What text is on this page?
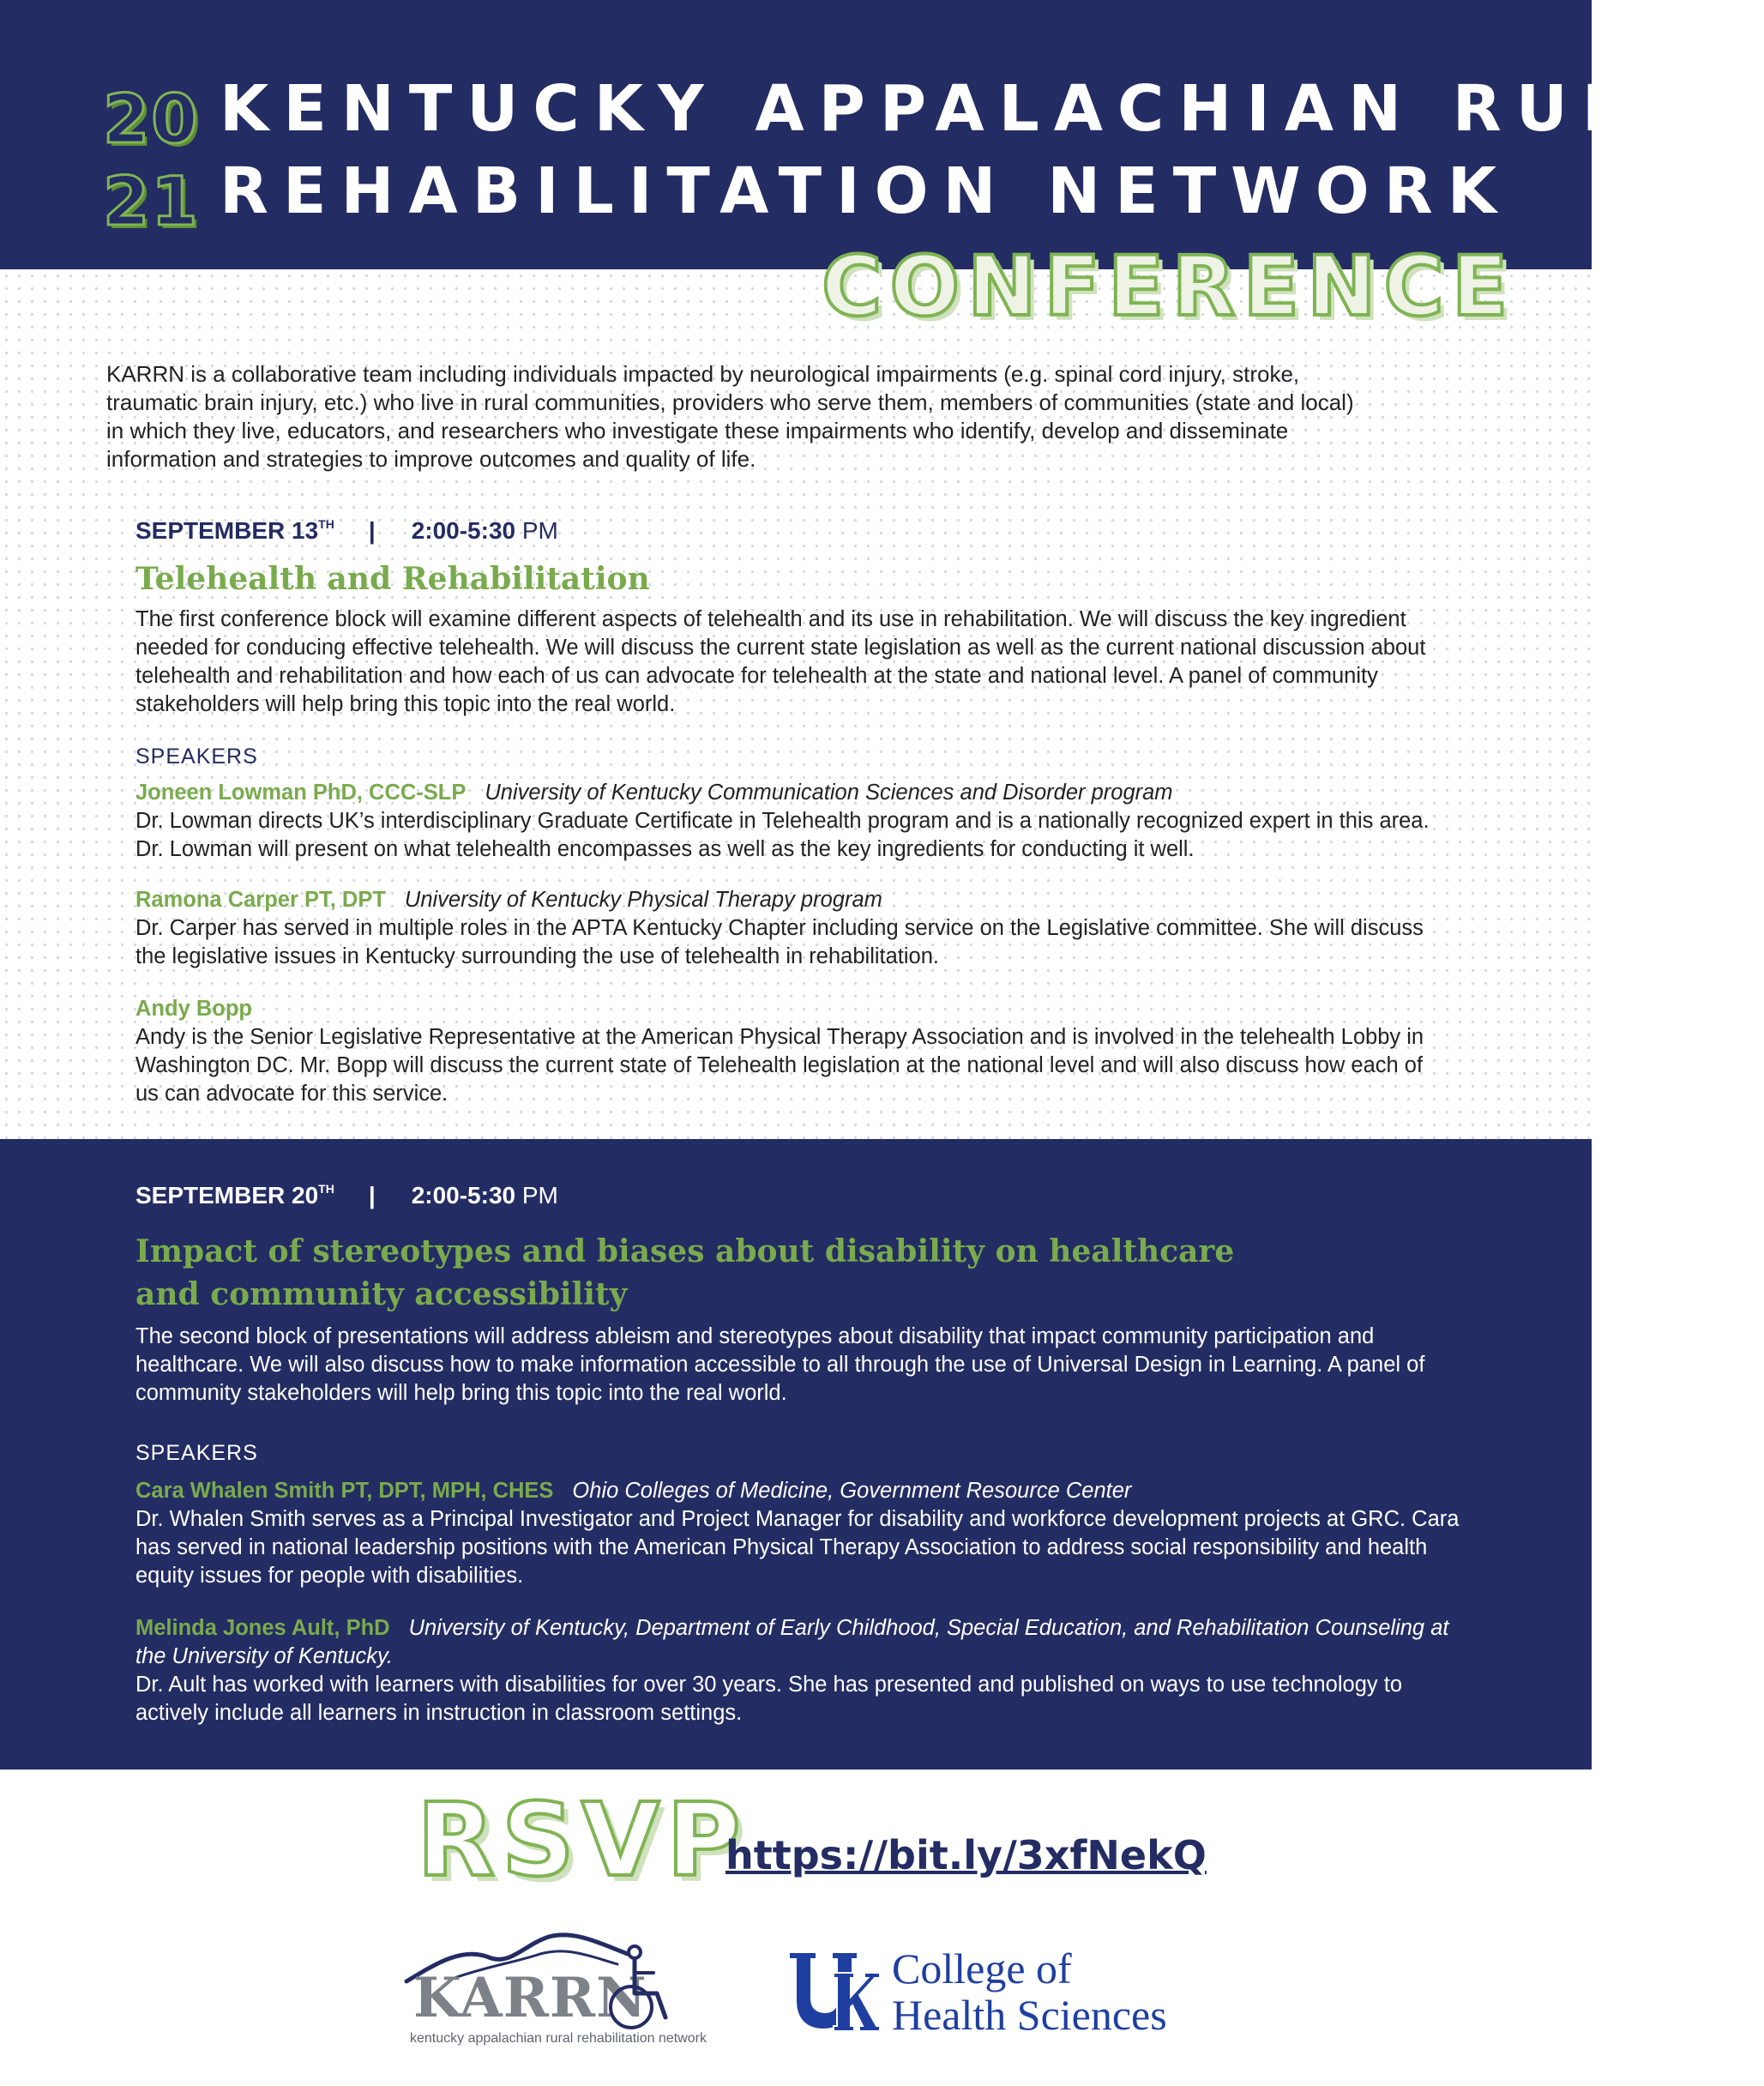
20
21
KENTUCKY APPALACHIAN RURAL
REHABILITATION NETWORK
CONFERENCE

KARRN is a collaborative team including individuals impacted by neurological impairments (e.g. spinal cord injury, stroke, traumatic brain injury, etc.) who live in rural communities, providers who serve them, members of communities (state and local) in which they live, educators, and researchers who investigate these impairments who identify, develop and disseminate information and strategies to improve outcomes and quality of life.

SEPTEMBER 13TH | 2:00-5:30 PM
Telehealth and Rehabilitation

The first conference block will examine different aspects of telehealth and its use in rehabilitation. We will discuss the key ingredient needed for conducing effective telehealth. We will discuss the current state legislation as well as the current national discussion about telehealth and rehabilitation and how each of us can advocate for telehealth at the state and national level. A panel of community stakeholders will help bring this topic into the real world.

SPEAKERS
Joneen Lowman PhD, CCC-SLP University of Kentucky Communication Sciences and Disorder program
Dr. Lowman directs UK’s interdisciplinary Graduate Certificate in Telehealth program and is a nationally recognized expert in this area. Dr. Lowman will present on what telehealth encompasses as well as the key ingredients for conducting it well.
Ramona Carper PT, DPT University of Kentucky Physical Therapy program
Dr. Carper has served in multiple roles in the APTA Kentucky Chapter including service on the Legislative committee. She will discuss the legislative issues in Kentucky surrounding the use of telehealth in rehabilitation.
Andy Bopp
Andy is the Senior Legislative Representative at the American Physical Therapy Association and is involved in the telehealth Lobby in Washington DC. Mr. Bopp will discuss the current state of Telehealth legislation at the national level and will also discuss how each of us can advocate for this service.
SEPTEMBER 20TH | 2:00-5:30 PM
Impact of stereotypes and biases about disability on healthcare and community accessibility

The second block of presentations will address ableism and stereotypes about disability that impact community participation and healthcare. We will also discuss how to make information accessible to all through the use of Universal Design in Learning. A panel of community stakeholders will help bring this topic into the real world.

SPEAKERS
Cara Whalen Smith PT, DPT, MPH, CHES Ohio Colleges of Medicine, Government Resource Center
Dr. Whalen Smith serves as a Principal Investigator and Project Manager for disability and workforce development projects at GRC. Cara has served in national leadership positions with the American Physical Therapy Association to address social responsibility and health equity issues for people with disabilities.
Melinda Jones Ault, PhD University of Kentucky, Department of Early Childhood, Special Education, and Rehabilitation Counseling at the University of Kentucky.
Dr. Ault has worked with learners with disabilities for over 30 years. She has presented and published on ways to use technology to actively include all learners in instruction in classroom settings.
RSVP
https://bit.ly/3xfNekQ
KARRN
kentucky appalachian rural rehabilitation network
College of
Health Sciences
